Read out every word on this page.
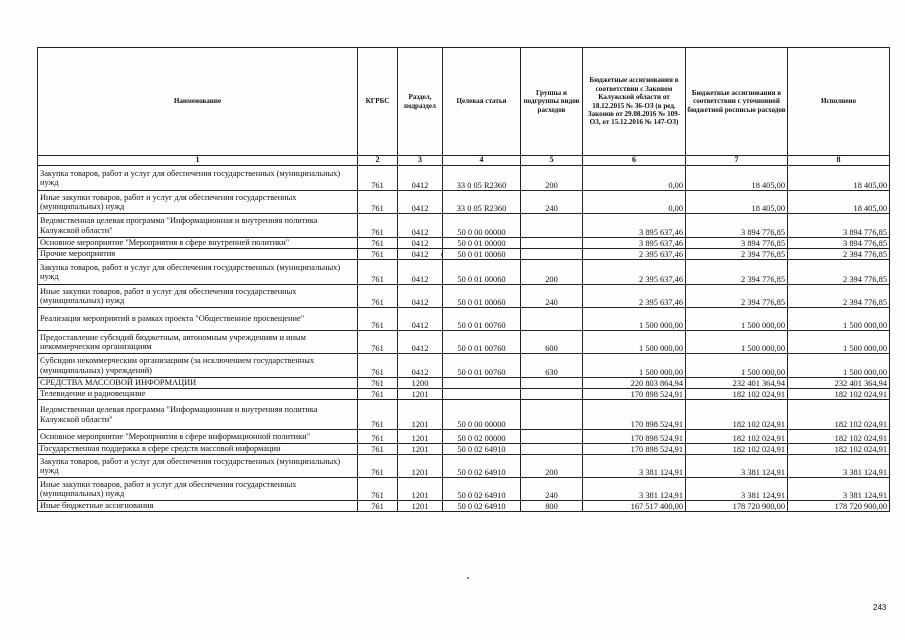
Наименование	КГРБС	Раздел, подраздел	Целевая статья	Группы и подгруппы видов расходов	Бюджетные ассигнования в соответствии с Законом Калужской области от 18.12.2015 № 36-ОЗ (в ред. Законов от 29.08.2016 № 109-ОЗ, от 15.12.2016 № 147-ОЗ)	Бюджетные ассигнования в соответствии с уточненной бюджетной росписью расходов	Исполнено
1	2	3	4	5	6	7	8
Закупка товаров, работ и услуг для обеспечения государственных (муниципальных) нужд	761	0412	33 0 05 R2360	200	0,00	18 405,00	18 405,00
Иные закупки товаров, работ и услуг для обеспечения государственных (муниципальных) нужд	761	0412	33 0 05 R2360	240	0,00	18 405,00	18 405,00
Ведомственная целевая программа "Информационная и внутренняя политика Калужской области"	761	0412	50 0 00 00000		3 895 637,46	3 894 776,85	3 894 776,85
Основное мероприятие "Мероприятия в сфере внутренней политики"	761	0412	50 0 01 00000		3 895 637,46	3 894 776,85	3 894 776,85
Прочие мероприятия	761	0412	50 0 01 00060		2 395 637,46	2 394 776,85	2 394 776,85
Закупка товаров, работ и услуг для обеспечения государственных (муниципальных) нужд	761	0412	50 0 01 00060	200	2 395 637,46	2 394 776,85	2 394 776,85
Иные закупки товаров, работ и услуг для обеспечения государственных (муниципальных) нужд	761	0412	50 0 01 00060	240	2 395 637,46	2 394 776,85	2 394 776,85
Реализация мероприятий в рамках проекта "Общественное просвещение"	761	0412	50 0 01 00760		1 500 000,00	1 500 000,00	1 500 000,00
Предоставление субсидий бюджетным, автономным учреждениям и иным некоммерческим организациям	761	0412	50 0 01 00760	600	1 500 000,00	1 500 000,00	1 500 000,00
Субсидии некоммерческим организациям (за исключением государственных (муниципальных) учреждений)	761	0412	50 0 01 00760	630	1 500 000,00	1 500 000,00	1 500 000,00
СРЕДСТВА МАССОВОЙ ИНФОРМАЦИИ	761	1200			220 803 864,94	232 401 364,94	232 401 364,94
Телевидение и радиовещание	761	1201			170 898 524,91	182 102 024,91	182 102 024,91
Ведомственная целевая программа "Информационная и внутренняя политика Калужской области"	761	1201	50 0 00 00000		170 898 524,91	182 102 024,91	182 102 024,91
Основное мероприятие "Мероприятия в сфере информационной политики"	761	1201	50 0 02 00000		170 898 524,91	182 102 024,91	182 102 024,91
Государственная поддержка в сфере средств массовой информации	761	1201	50 0 02 64910		170 898 524,91	182 102 024,91	182 102 024,91
Закупка товаров, работ и услуг для обеспечения государственных (муниципальных) нужд	761	1201	50 0 02 64910	200	3 381 124,91	3 381 124,91	3 381 124,91
Иные закупки товаров, работ и услуг для обеспечения государственных (муниципальных) нужд	761	1201	50 0 02 64910	240	3 381 124,91	3 381 124,91	3 381 124,91
Иные бюджетные ассигнования	761	1201	50 0 02 64910	800	167 517 400,00	178 720 900,00	178 720 900,00
243
